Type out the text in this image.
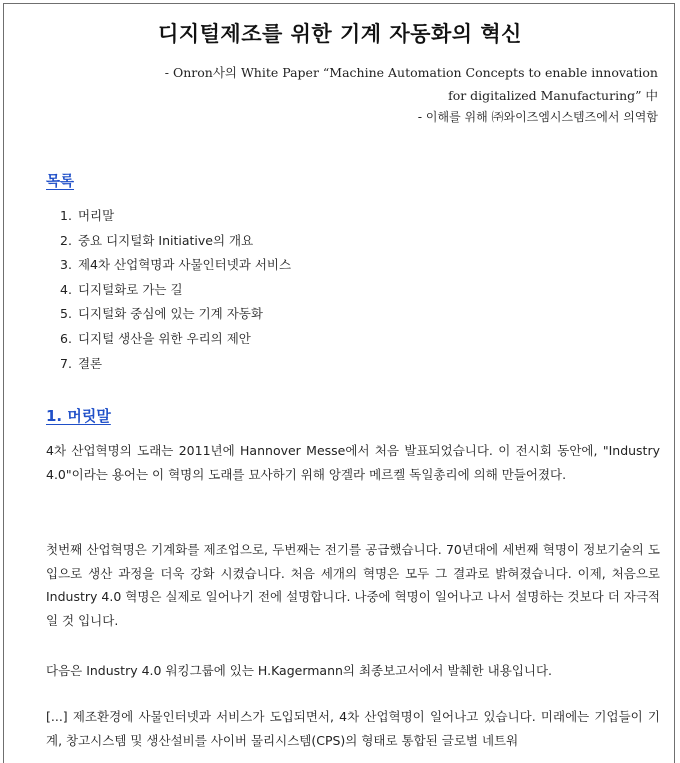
디지털제조를 위한 기계 자동화의 혁신
- Onron사의 White Paper “Machine Automation Concepts to enable innovation
for digitalized Manufacturing” 中
- 이해를 위해 ㈜와이즈엠시스템즈에서 의역함
목록
1. 머리말
2. 중요 디지털화 Initiative의 개요
3. 제4차 산업혁명과 사물인터넷과 서비스
4. 디지털화로 가는 길
5. 디지털화 중심에 있는 기계 자동화
6. 디지털 생산을 위한 우리의 제안
7. 결론
1. 머릿말

4차 산업혁명의 도래는 2011년에 Hannover Messe에서 처음 발표되었습니다. 이 전시회 동안에, "Industry 4.0"이라는 용어는 이 혁명의 도래를 묘사하기 위해 앙겔라 메르켈 독일총리에 의해 만들어졌다.

첫번째 산업혁명은 기계화를 제조업으로, 두번째는 전기를 공급했습니다. 70년대에 세번째 혁명이 정보기술의 도입으로 생산 과정을 더욱 강화 시켰습니다. 처음 세개의 혁명은 모두 그 결과로 밝혀졌습니다. 이제, 처음으로 Industry 4.0 혁명은 실제로 일어나기 전에 설명합니다. 나중에 혁명이 일어나고 나서 설명하는 것보다 더 자극적일 것 입니다.

다음은 Industry 4.0 워킹그룹에 있는 H.Kagermann의 최종보고서에서 발췌한 내용입니다.

[...] 제조환경에 사물인터넷과 서비스가 도입되면서, 4차 산업혁명이 일어나고 있습니다. 미래에는 기업들이 기계, 창고시스템 및 생산설비를 사이버 물리시스템(CPS)의 형태로 통합된 글로벌 네트워
